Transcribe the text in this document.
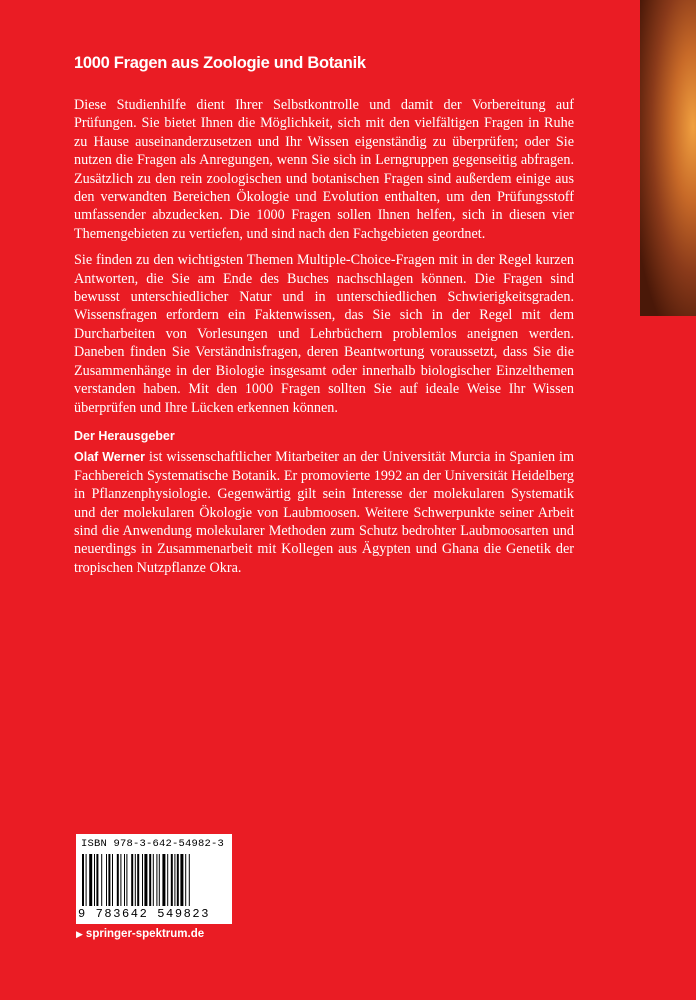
1000 Fragen aus Zoologie und Botanik

Diese Studienhilfe dient Ihrer Selbstkontrolle und damit der Vorbereitung auf Prüfungen. Sie bietet Ihnen die Möglichkeit, sich mit den vielfältigen Fragen in Ruhe zu Hause auseinanderzusetzen und Ihr Wissen eigenständig zu überprüfen; oder Sie nutzen die Fragen als Anregungen, wenn Sie sich in Lerngruppen gegenseitig abfragen. Zusätzlich zu den rein zoologischen und botanischen Fragen sind außerdem einige aus den verwandten Bereichen Ökologie und Evolution enthalten, um den Prüfungsstoff umfassender abzudecken. Die 1000 Fragen sollen Ihnen helfen, sich in diesen vier Themengebieten zu vertiefen, und sind nach den Fachgebieten geordnet.

Sie finden zu den wichtigsten Themen Multiple-Choice-Fragen mit in der Regel kurzen Antworten, die Sie am Ende des Buches nachschlagen können. Die Fragen sind bewusst unterschiedlicher Natur und in unterschiedlichen Schwierigkeitsgraden. Wissensfragen erfordern ein Faktenwissen, das Sie sich in der Regel mit dem Durcharbeiten von Vorlesungen und Lehrbüchern problemlos aneignen werden. Daneben finden Sie Verständnisfragen, deren Beantwortung voraussetzt, dass Sie die Zusammenhänge in der Biologie insgesamt oder innerhalb biologischer Einzelthemen verstanden haben. Mit den 1000 Fragen sollten Sie auf ideale Weise Ihr Wissen überprüfen und Ihre Lücken erkennen können.

Der Herausgeber

Olaf Werner ist wissenschaftlicher Mitarbeiter an der Universität Murcia in Spanien im Fachbereich Systematische Botanik. Er promovierte 1992 an der Universität Heidelberg in Pflanzenphysiologie. Gegenwärtig gilt sein Interesse der molekularen Systematik und der molekularen Ökologie von Laubmoosen. Weitere Schwerpunkte seiner Arbeit sind die Anwendung molekularer Methoden zum Schutz bedrohter Laubmoosarten und neuerdings in Zusammenarbeit mit Kollegen aus Ägypten und Ghana die Genetik der tropischen Nutzpflanze Okra.

ISBN 978-3-642-54982-3
9 783642 549823
▶ springer-spektrum.de
